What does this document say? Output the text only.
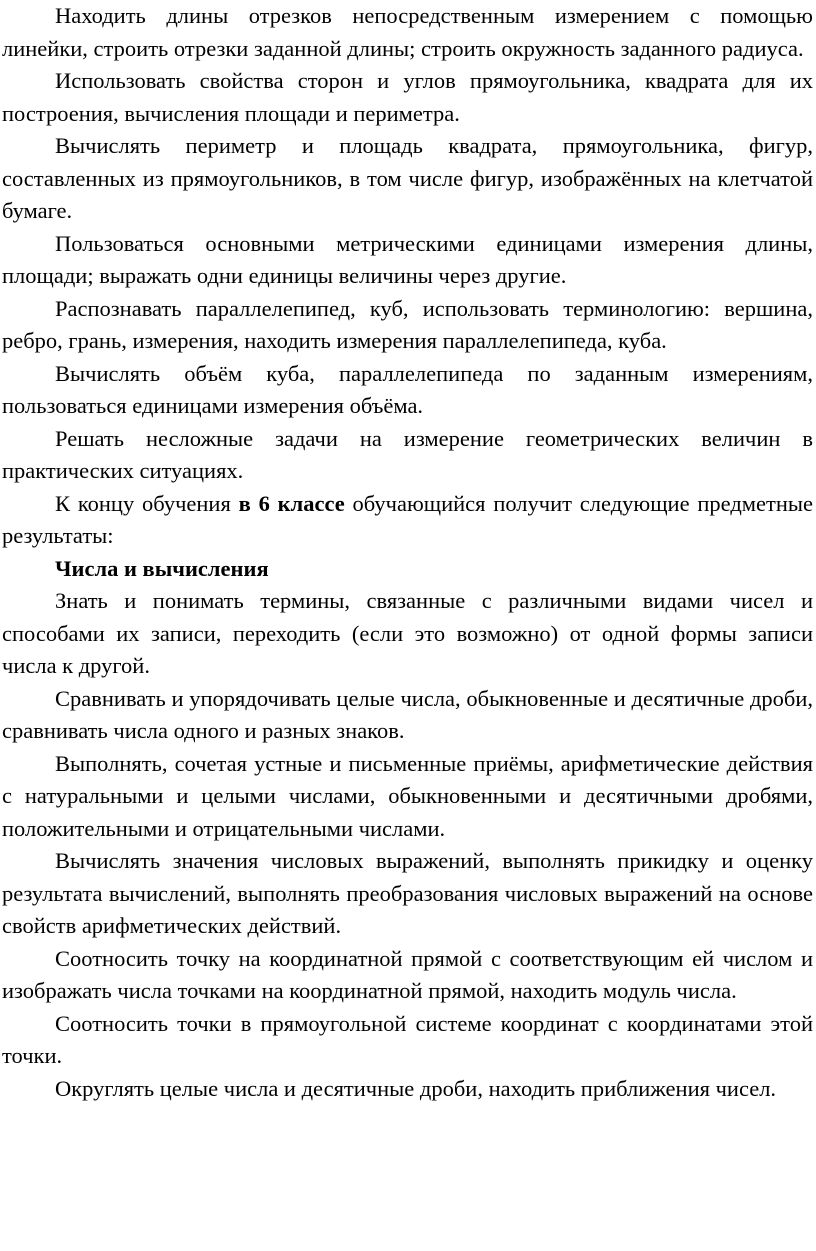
Находить длины отрезков непосредственным измерением с помощью линейки, строить отрезки заданной длины; строить окружность заданного радиуса.

Использовать свойства сторон и углов прямоугольника, квадрата для их построения, вычисления площади и периметра.

Вычислять периметр и площадь квадрата, прямоугольника, фигур, составленных из прямоугольников, в том числе фигур, изображённых на клетчатой бумаге.

Пользоваться основными метрическими единицами измерения длины, площади; выражать одни единицы величины через другие.

Распознавать параллелепипед, куб, использовать терминологию: вершина, ребро, грань, измерения, находить измерения параллелепипеда, куба.

Вычислять объём куба, параллелепипеда по заданным измерениям, пользоваться единицами измерения объёма.

Решать несложные задачи на измерение геометрических величин в практических ситуациях.

К концу обучения в 6 классе обучающийся получит следующие предметные результаты:

Числа и вычисления

Знать и понимать термины, связанные с различными видами чисел и способами их записи, переходить (если это возможно) от одной формы записи числа к другой.

Сравнивать и упорядочивать целые числа, обыкновенные и десятичные дроби, сравнивать числа одного и разных знаков.

Выполнять, сочетая устные и письменные приёмы, арифметические действия с натуральными и целыми числами, обыкновенными и десятичными дробями, положительными и отрицательными числами.

Вычислять значения числовых выражений, выполнять прикидку и оценку результата вычислений, выполнять преобразования числовых выражений на основе свойств арифметических действий.

Соотносить точку на координатной прямой с соответствующим ей числом и изображать числа точками на координатной прямой, находить модуль числа.

Соотносить точки в прямоугольной системе координат с координатами этой точки.

Округлять целые числа и десятичные дроби, находить приближения чисел.
